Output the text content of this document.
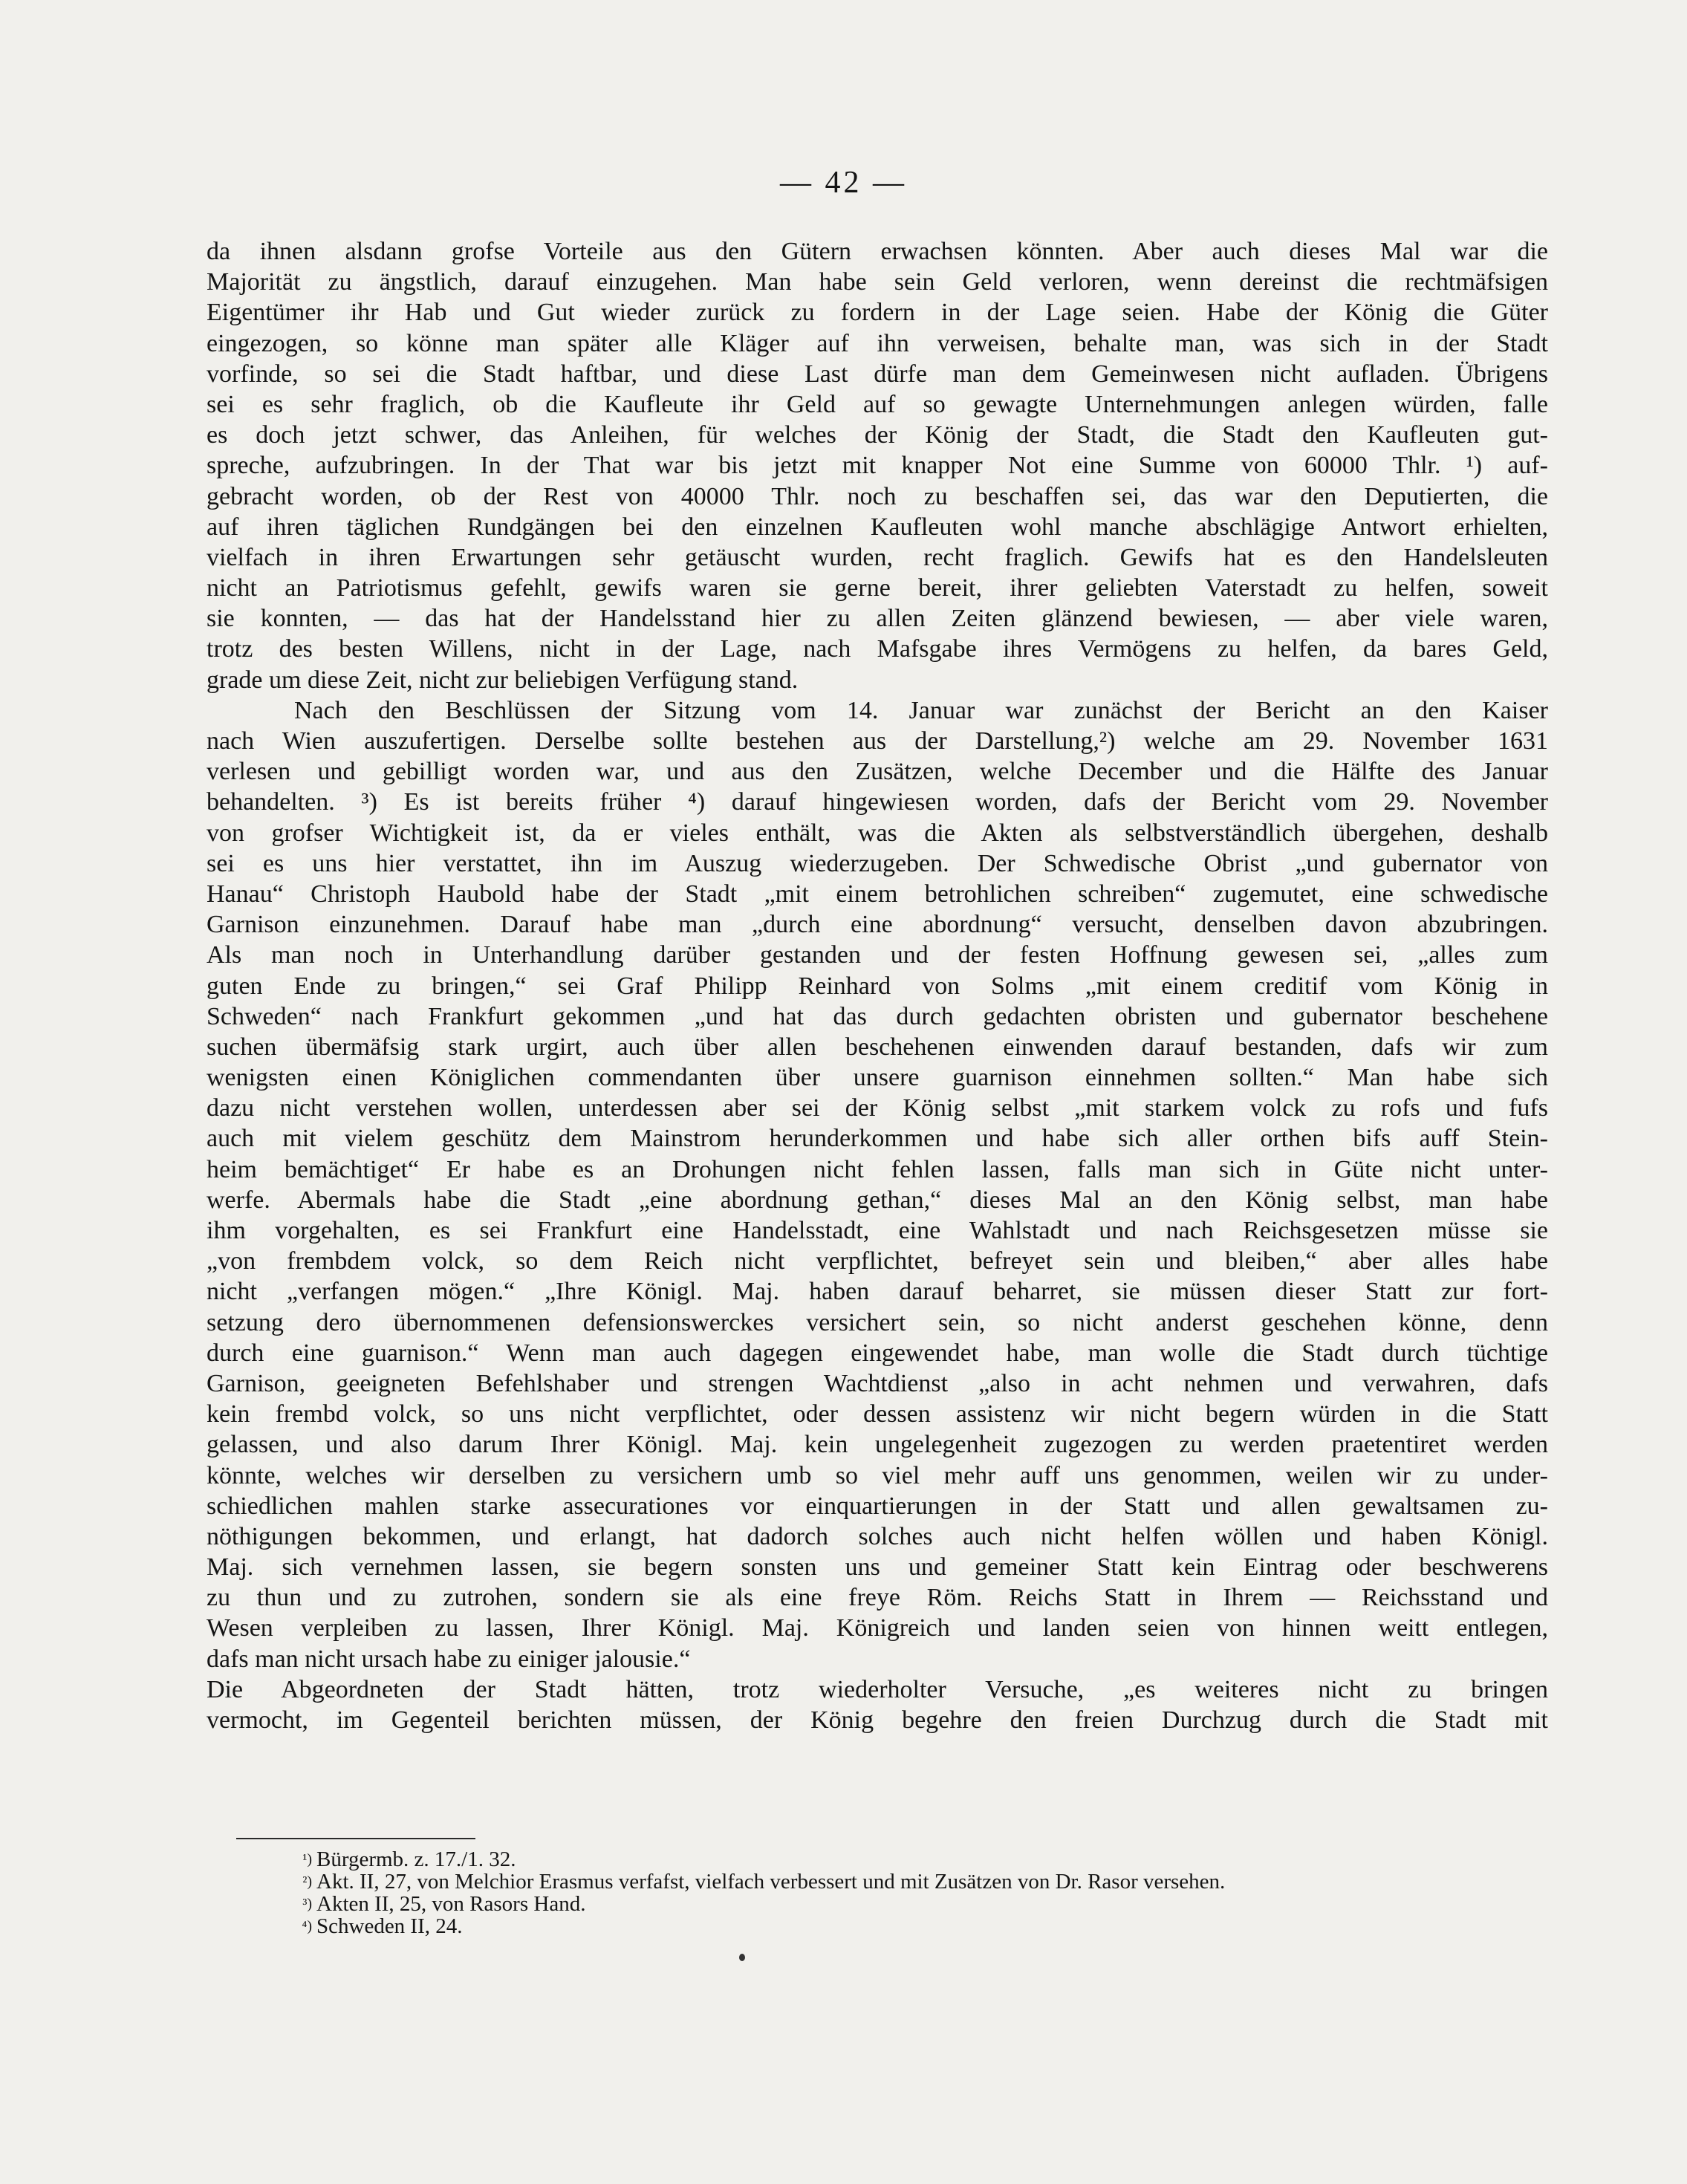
— 42 —
da ihnen alsdann grofse Vorteile aus den Gütern erwachsen könnten. Aber auch dieses Mal war die
Majorität zu ängstlich, darauf einzugehen. Man habe sein Geld verloren, wenn dereinst die rechtmäfsigen
Eigentümer ihr Hab und Gut wieder zurück zu fordern in der Lage seien. Habe der König die Güter
eingezogen, so könne man später alle Kläger auf ihn verweisen, behalte man, was sich in der Stadt
vorfinde, so sei die Stadt haftbar, und diese Last dürfe man dem Gemeinwesen nicht aufladen. Übrigens
sei es sehr fraglich, ob die Kaufleute ihr Geld auf so gewagte Unternehmungen anlegen würden, falle
es doch jetzt schwer, das Anleihen, für welches der König der Stadt, die Stadt den Kaufleuten gut-
spreche, aufzubringen. In der That war bis jetzt mit knapper Not eine Summe von 60000 Thlr. ¹) auf-
gebracht worden, ob der Rest von 40000 Thlr. noch zu beschaffen sei, das war den Deputierten, die
auf ihren täglichen Rundgängen bei den einzelnen Kaufleuten wohl manche abschlägige Antwort erhielten,
vielfach in ihren Erwartungen sehr getäuscht wurden, recht fraglich. Gewifs hat es den Handelsleuten
nicht an Patriotismus gefehlt, gewifs waren sie gerne bereit, ihrer geliebten Vaterstadt zu helfen, soweit
sie konnten, — das hat der Handelsstand hier zu allen Zeiten glänzend bewiesen, — aber viele waren,
trotz des besten Willens, nicht in der Lage, nach Mafsgabe ihres Vermögens zu helfen, da bares Geld,
grade um diese Zeit, nicht zur beliebigen Verfügung stand.
Nach den Beschlüssen der Sitzung vom 14. Januar war zunächst der Bericht an den Kaiser
nach Wien auszufertigen. Derselbe sollte bestehen aus der Darstellung,²) welche am 29. November 1631
verlesen und gebilligt worden war, und aus den Zusätzen, welche December und die Hälfte des Januar
behandelten. ³) Es ist bereits früher ⁴) darauf hingewiesen worden, dafs der Bericht vom 29. November
von grofser Wichtigkeit ist, da er vieles enthält, was die Akten als selbstverständlich übergehen, deshalb
sei es uns hier verstattet, ihn im Auszug wiederzugeben. Der Schwedische Obrist „und gubernator von
Hanau“ Christoph Haubold habe der Stadt „mit einem betrohlichen schreiben“ zugemutet, eine schwedische
Garnison einzunehmen. Darauf habe man „durch eine abordnung“ versucht, denselben davon abzubringen.
Als man noch in Unterhandlung darüber gestanden und der festen Hoffnung gewesen sei, „alles zum
guten Ende zu bringen,“ sei Graf Philipp Reinhard von Solms „mit einem creditif vom König in
Schweden“ nach Frankfurt gekommen „und hat das durch gedachten obristen und gubernator beschehene
suchen übermäfsig stark urgirt, auch über allen beschehenen einwenden darauf bestanden, dafs wir zum
wenigsten einen Königlichen commendanten über unsere guarnison einnehmen sollten.“ Man habe sich
dazu nicht verstehen wollen, unterdessen aber sei der König selbst „mit starkem volck zu rofs und fufs
auch mit vielem geschütz dem Mainstrom herunderkommen und habe sich aller orthen bifs auff Stein-
heim bemächtiget“ Er habe es an Drohungen nicht fehlen lassen, falls man sich in Güte nicht unter-
werfe. Abermals habe die Stadt „eine abordnung gethan,“ dieses Mal an den König selbst, man habe
ihm vorgehalten, es sei Frankfurt eine Handelsstadt, eine Wahlstadt und nach Reichsgesetzen müsse sie
„von frembdem volck, so dem Reich nicht verpflichtet, befreyet sein und bleiben,“ aber alles habe
nicht „verfangen mögen.“ „Ihre Königl. Maj. haben darauf beharret, sie müssen dieser Statt zur fort-
setzung dero übernommenen defensionswerckes versichert sein, so nicht anderst geschehen könne, denn
durch eine guarnison.“ Wenn man auch dagegen eingewendet habe, man wolle die Stadt durch tüchtige
Garnison, geeigneten Befehlshaber und strengen Wachtdienst „also in acht nehmen und verwahren, dafs
kein frembd volck, so uns nicht verpflichtet, oder dessen assistenz wir nicht begern würden in die Statt
gelassen, und also darum Ihrer Königl. Maj. kein ungelegenheit zugezogen zu werden praetentiret werden
könnte, welches wir derselben zu versichern umb so viel mehr auff uns genommen, weilen wir zu under-
schiedlichen mahlen starke assecurationes vor einquartierungen in der Statt und allen gewaltsamen zu-
nöthigungen bekommen, und erlangt, hat dadorch solches auch nicht helfen wöllen und haben Königl.
Maj. sich vernehmen lassen, sie begern sonsten uns und gemeiner Statt kein Eintrag oder beschwerens
zu thun und zu zutrohen, sondern sie als eine freye Röm. Reichs Statt in Ihrem — Reichsstand und
Wesen verpleiben zu lassen, Ihrer Königl. Maj. Königreich und landen seien von hinnen weitt entlegen,
dafs man nicht ursach habe zu einiger jalousie.“
Die Abgeordneten der Stadt hätten, trotz wiederholter Versuche, „es weiteres nicht zu bringen
vermocht, im Gegenteil berichten müssen, der König begehre den freien Durchzug durch die Stadt mit
¹) Bürgermb. z. 17./1. 32.
²) Akt. II, 27, von Melchior Erasmus verfafst, vielfach verbessert und mit Zusätzen von Dr. Rasor versehen.
³) Akten II, 25, von Rasors Hand.
⁴) Schweden II, 24.
